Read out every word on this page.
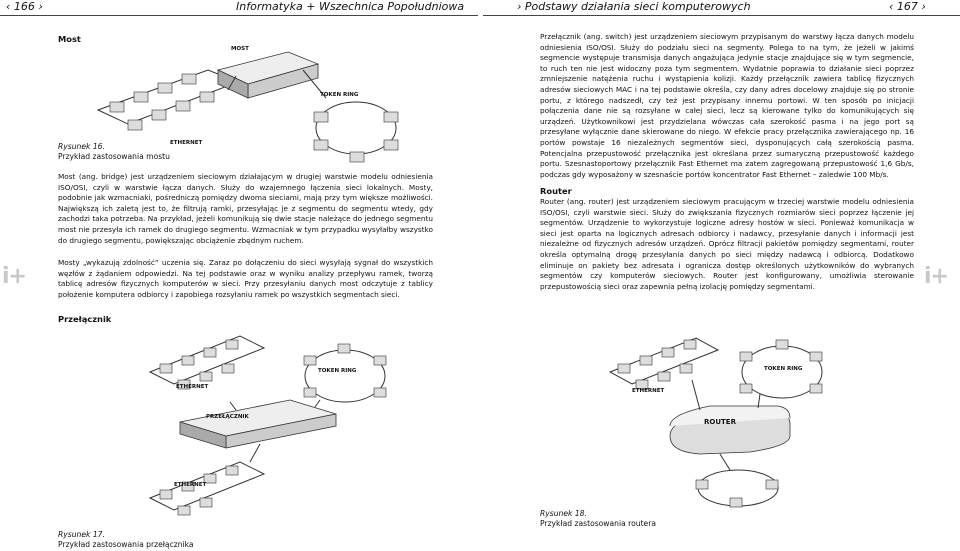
‹ 166 ›	Informatyka + Wszechnica Popołudniowa	› Podstawy działania sieci komputerowych	‹ 167 ›
i+	i+
Most
ETHERNET
MOST
TOKEN RING
Rysunek 16.
Przykład zastosowania mostu
Most (ang. bridge) jest urządzeniem sieciowym działającym w drugiej warstwie modelu odniesienia ISO/OSI, czyli w warstwie łącza danych. Służy do wzajemnego łączenia sieci lokalnych. Mosty, podobnie jak wzmacniaki, pośredniczą pomiędzy dwoma sieciami, mają przy tym większe możliwości. Największą ich zaletą jest to, że filtrują ramki, przesyłając je z segmentu do segmentu wtedy, gdy zachodzi taka potrzeba. Na przykład, jeżeli komunikują się dwie stacje należące do jednego segmentu most nie przesyła ich ramek do drugiego segmentu. Wzmacniak w tym przypadku wysyłałby wszystko do drugiego segmentu, powiększając obciążenie zbędnym ruchem.
Mosty „wykazują zdolność” uczenia się. Zaraz po dołączeniu do sieci wysyłają sygnał do wszystkich węzłów z żądaniem odpowiedzi. Na tej podstawie oraz w wyniku analizy przepływu ramek, tworzą tablicę adresów fizycznych komputerów w sieci. Przy przesyłaniu danych most odczytuje z tablicy położenie komputera odbiorcy i zapobiega rozsyłaniu ramek po wszystkich segmentach sieci.
Przełącznik
ETHERNET
TOKEN RING
PRZEŁĄCZNIK
ETHERNET
Rysunek 17.
Przykład zastosowania przełącznika
Przełącznik (ang. switch) jest urządzeniem sieciowym przypisanym do warstwy łącza danych modelu odniesienia ISO/OSI. Służy do podziału sieci na segmenty. Polega to na tym, że jeżeli w jakimś segmencie występuje transmisja danych angażująca jedynie stacje znajdujące się w tym segmencie, to ruch ten nie jest widoczny poza tym segmentem. Wydatnie poprawia to działanie sieci poprzez zmniejszenie natężenia ruchu i wystąpienia kolizji. Każdy przełącznik zawiera tablicę fizycznych adresów sieciowych MAC i na tej podstawie określa, czy dany adres docelowy znajduje się po stronie portu, z którego nadszedł, czy też jest przypisany innemu portowi. W ten sposób po inicjacji połączenia dane nie są rozsyłane w całej sieci, lecz są kierowane tylko do komunikujących się urządzeń. Użytkownikowi jest przydzielana wówczas cała szerokość pasma i na jego port są przesyłane wyłącznie dane skierowane do niego. W efekcie pracy przełącznika zawierającego np. 16 portów powstaje 16 niezależnych segmentów sieci, dysponujących całą szerokością pasma. Potencjalna przepustowość przełącznika jest określana przez sumaryczną przepustowość każdego portu. Szesnastoportowy przełącznik Fast Ethernet ma zatem zagregowaną przepustowość 1,6 Gb/s, podczas gdy wyposażony w szesnaście portów koncentrator Fast Ethernet – zaledwie 100 Mb/s.
Router
Router (ang. router) jest urządzeniem sieciowym pracującym w trzeciej warstwie modelu odniesienia ISO/OSI, czyli warstwie sieci. Służy do zwiększania fizycznych rozmiarów sieci poprzez łączenie jej segmentów. Urządzenie to wykorzystuje logiczne adresy hostów w sieci. Ponieważ komunikacja w sieci jest oparta na logicznych adresach odbiorcy i nadawcy, przesyłanie danych i informacji jest niezależne od fizycznych adresów urządzeń. Oprócz filtracji pakietów pomiędzy segmentami, router określa optymalną drogę przesyłania danych po sieci między nadawcą i odbiorcą. Dodatkowo eliminuje on pakiety bez adresata i ogranicza dostęp określonych użytkowników do wybranych segmentów czy komputerów sieciowych. Router jest konfigurowany, umożliwia sterowanie przepustowością sieci oraz zapewnia pełną izolację pomiędzy segmentami.
ETHERNET
TOKEN RING
ROUTER
Rysunek 18.
Przykład zastosowania routera
